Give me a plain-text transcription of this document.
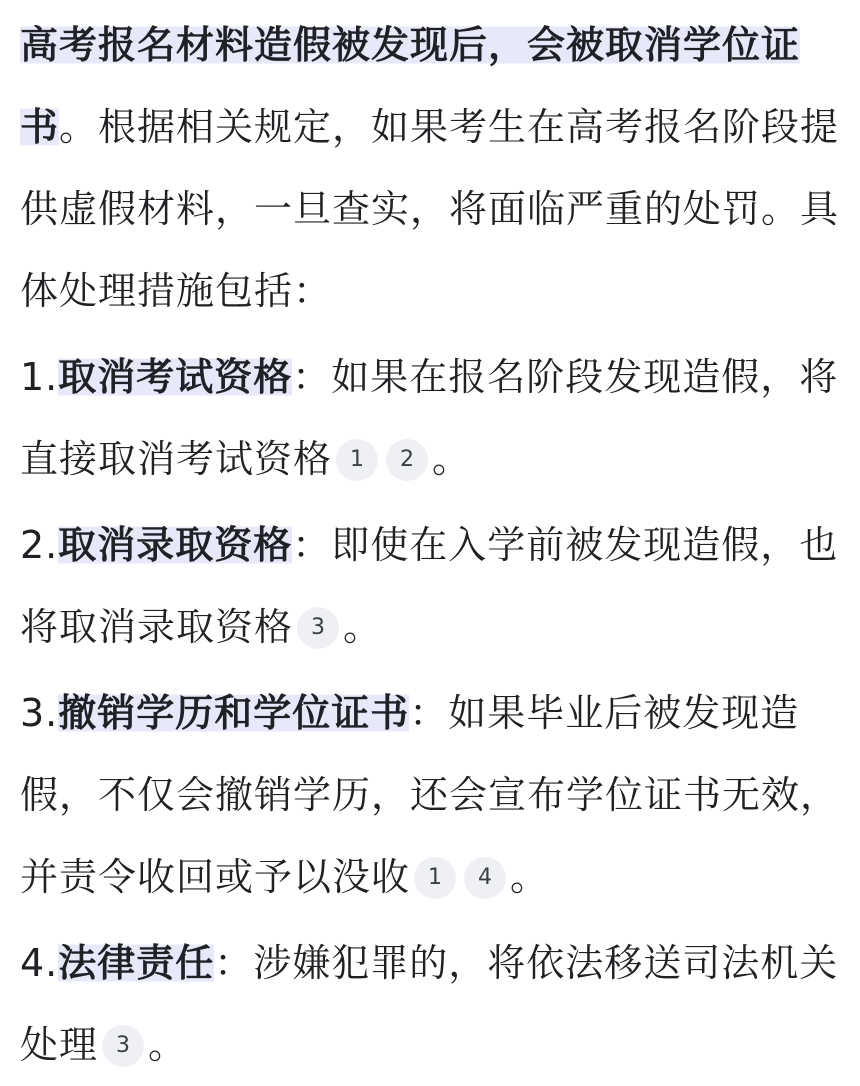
高考报名材料造假被发现后，会被取消学位证书。根据相关规定，如果考生在高考报名阶段提供虚假材料，一旦查实，将面临严重的处罚。具体处理措施包括：

1.取消考试资格：如果在报名阶段发现造假，将直接取消考试资格 1 2 。

2.取消录取资格：即使在入学前被发现造假，也将取消录取资格 3 。

3.撤销学历和学位证书：如果毕业后被发现造假，不仅会撤销学历，还会宣布学位证书无效，并责令收回或予以没收 1 4 。

4.法律责任：涉嫌犯罪的，将依法移送司法机关处理 3 。
